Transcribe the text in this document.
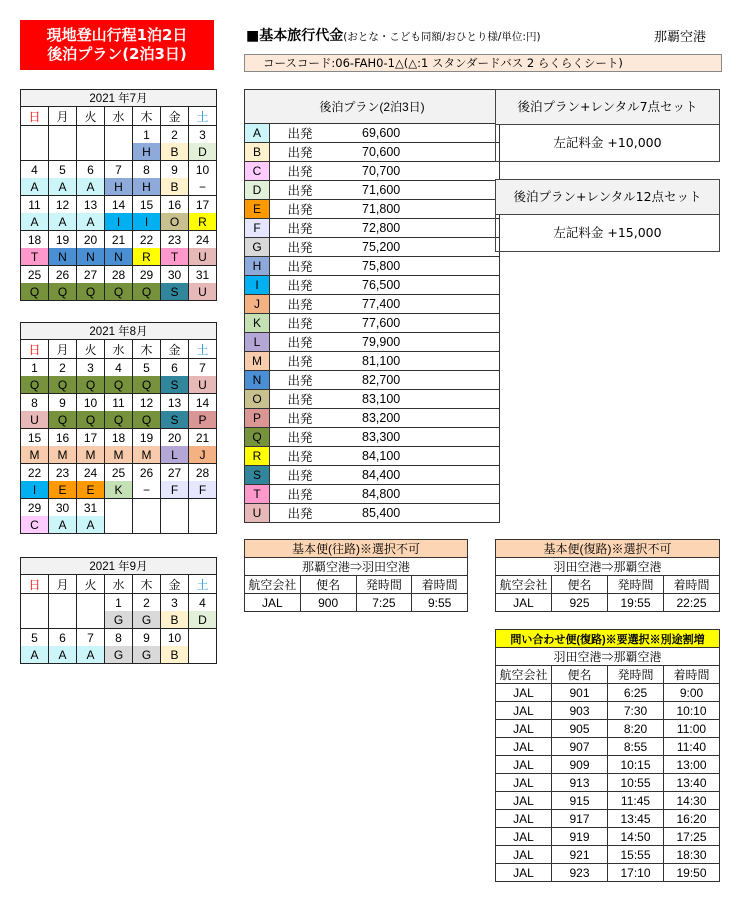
現地登山行程1泊2日
後泊プラン(2泊3日)
■基本旅行代金(おとな・こども同額/おひとり様/単位:円)	那覇空港
コースコード:06-FAH0-1△(△:1 スタンダードバス 2 らくらくシート)
2021 年7月						
日	月	火	水	木	金	土
				1	2	3
				H	B	D
4	5	6	7	8	9	10
A	A	A	H	H	B	−
11	12	13	14	15	16	17
A	A	A	I	I	O	R
18	19	20	21	22	23	24
T	N	N	N	R	T	U
25	26	27	28	29	30	31
Q	Q	Q	Q	Q	S	U
2021 年8月						
日	月	火	水	木	金	土
1	2	3	4	5	6	7
Q	Q	Q	Q	Q	S	U
8	9	10	11	12	13	14
U	Q	Q	Q	Q	S	P
15	16	17	18	19	20	21
M	M	M	M	M	L	J
22	23	24	25	26	27	28
I	E	E	K	−	F	F
29	30	31				
C	A	A				
2021 年9月						
日	月	火	水	木	金	土
			1	2	3	4
			G	G	B	D
5	6	7	8	9	10	
A	A	A	G	G	B	
後泊プラン(2泊3日)		
A	出発	69,600
B	出発	70,600
C	出発	70,700
D	出発	71,600
E	出発	71,800
F	出発	72,800
G	出発	75,200
H	出発	75,800
I	出発	76,500
J	出発	77,400
K	出発	77,600
L	出発	79,900
M	出発	81,100
N	出発	82,700
O	出発	83,100
P	出発	83,200
Q	出発	83,300
R	出発	84,100
S	出発	84,400
T	出発	84,800
U	出発	85,400
後泊プラン+レンタル7点セット
左記料金 +10,000
後泊プラン+レンタル12点セット
左記料金 +15,000
基本便(往路)※選択不可			
那覇空港⇒羽田空港			
航空会社	便名	発時間	着時間
JAL	900	7:25	9:55
基本便(復路)※選択不可			
羽田空港⇒那覇空港			
航空会社	便名	発時間	着時間
JAL	925	19:55	22:25
問い合わせ便(復路)※要選択※別途割増			
羽田空港⇒那覇空港			
航空会社	便名	発時間	着時間
JAL	901	6:25	9:00
JAL	903	7:30	10:10
JAL	905	8:20	11:00
JAL	907	8:55	11:40
JAL	909	10:15	13:00
JAL	913	10:55	13:40
JAL	915	11:45	14:30
JAL	917	13:45	16:20
JAL	919	14:50	17:25
JAL	921	15:55	18:30
JAL	923	17:10	19:50
